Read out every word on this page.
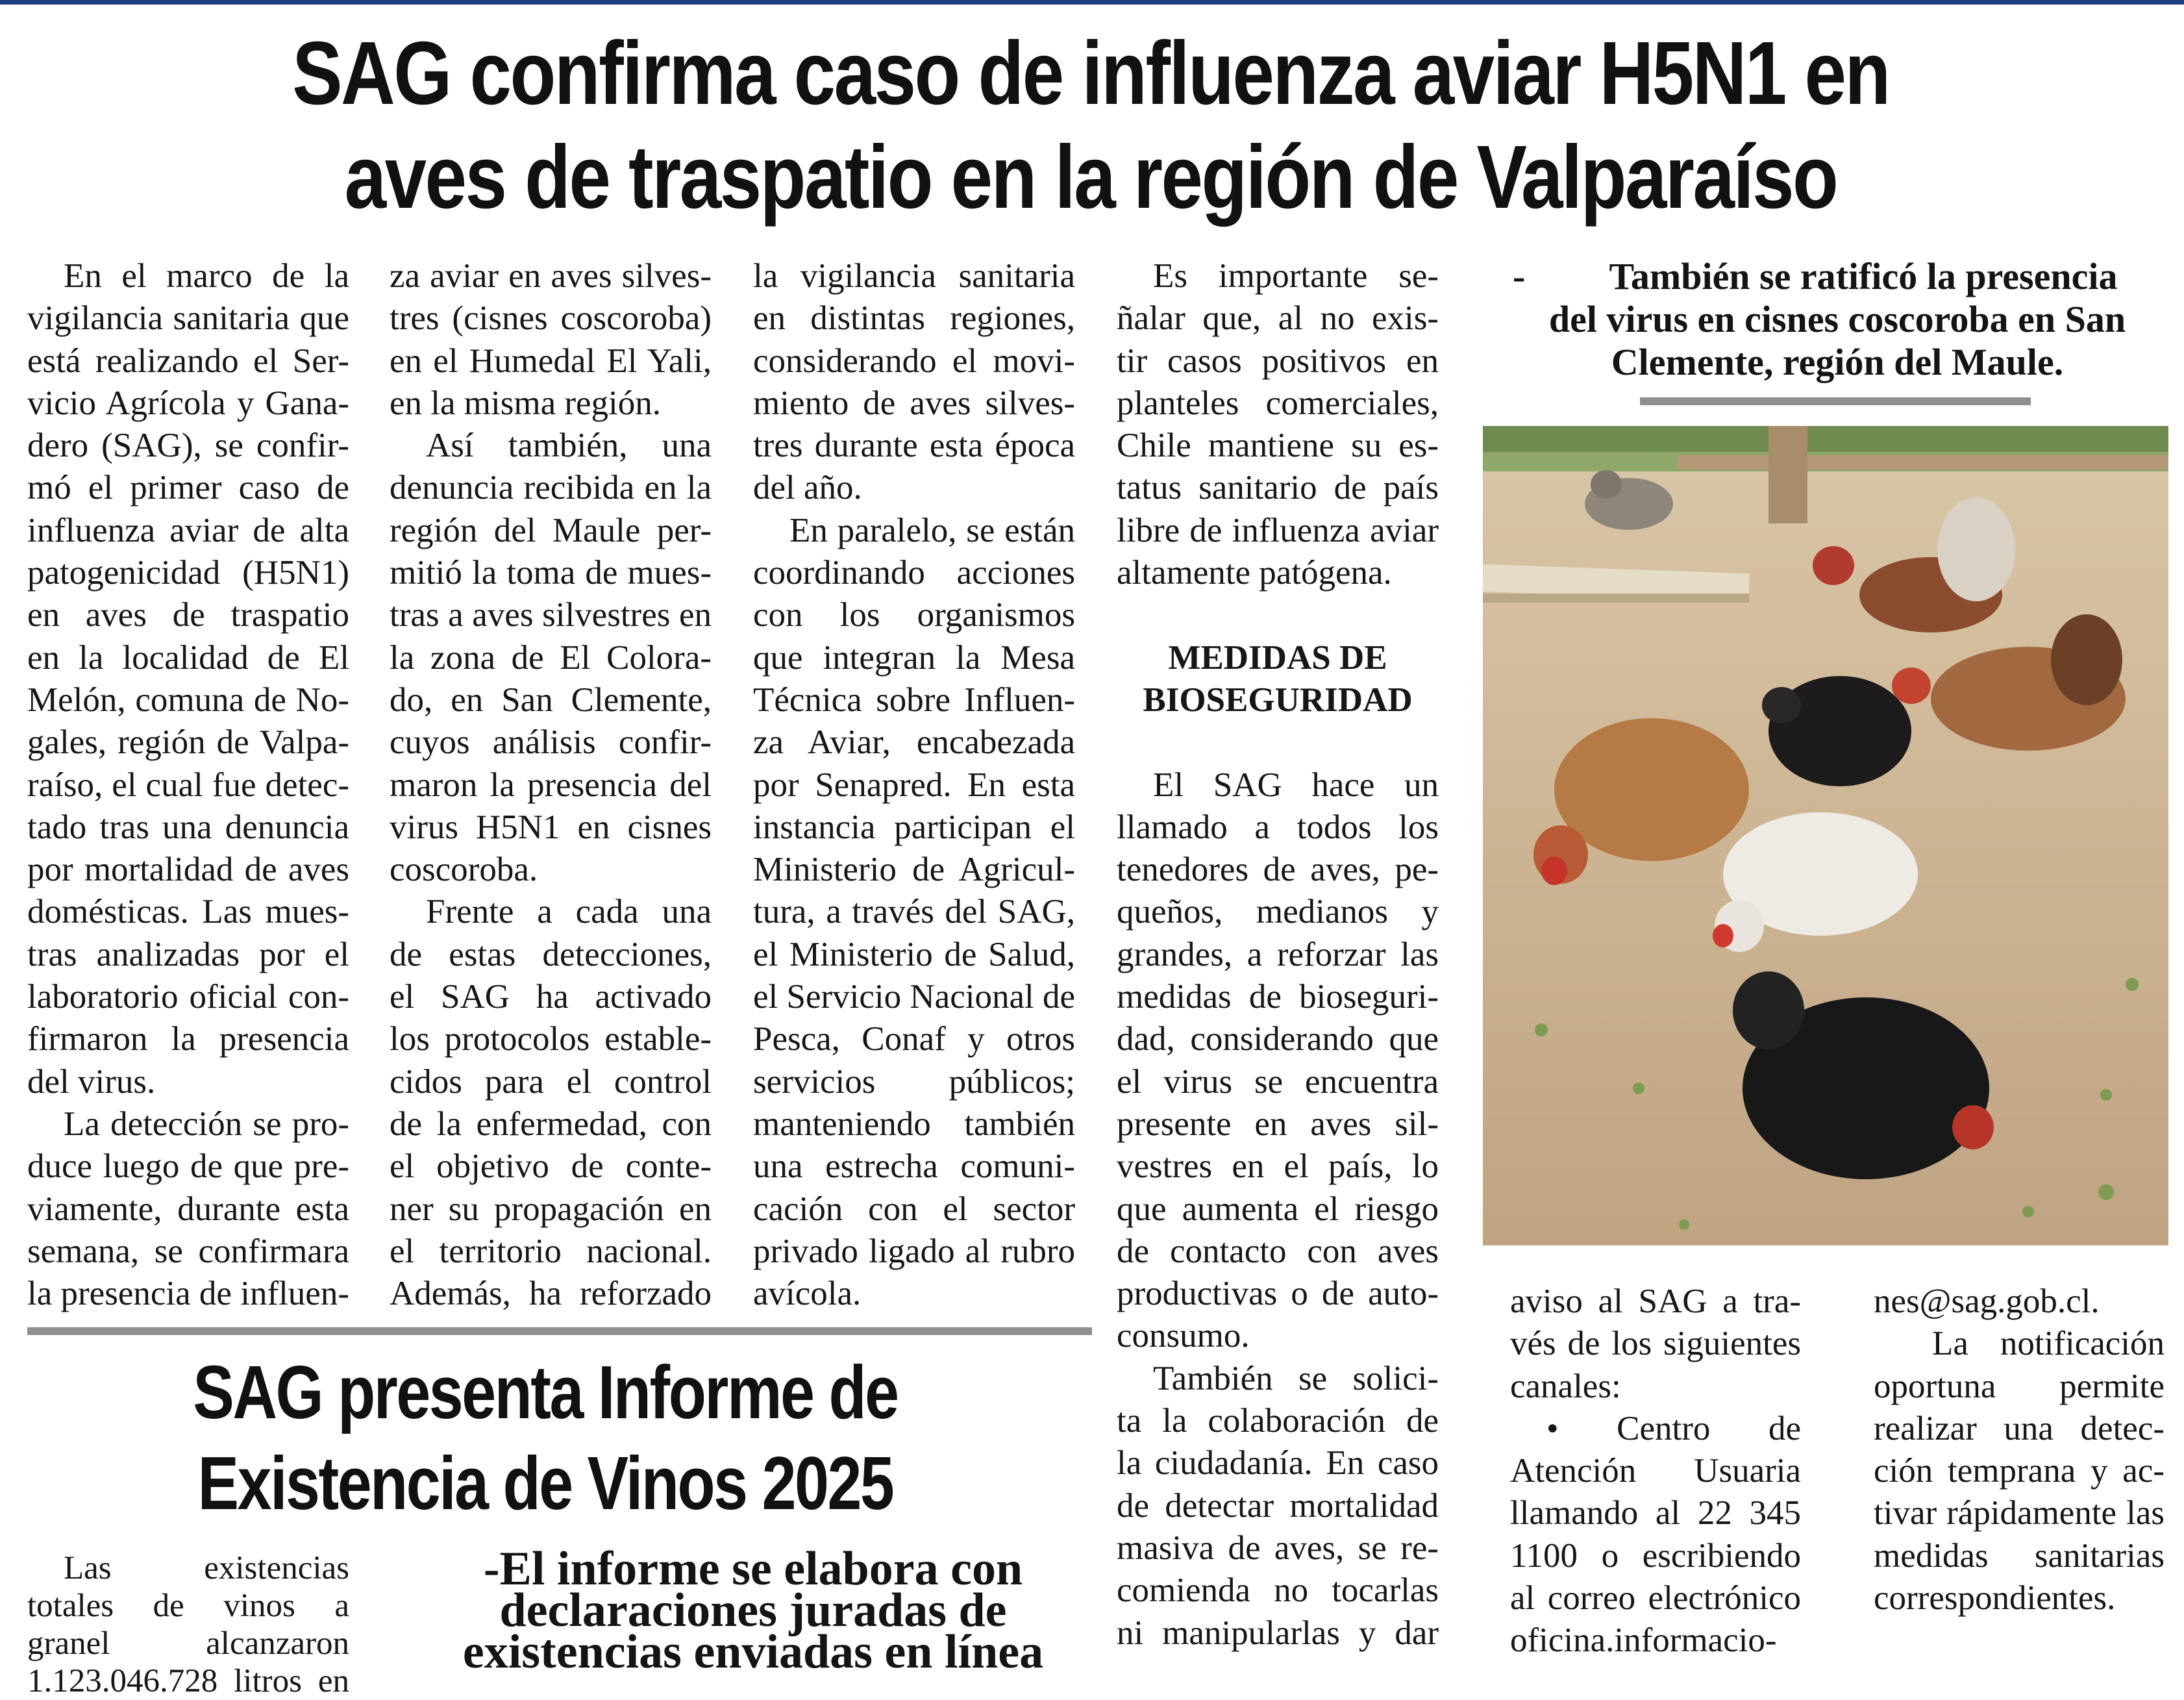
SAG confirma caso de influenza aviar H5N1 en
aves de traspatio en la región de Valparaíso
En el marco de la
vigilancia sanitaria que
está realizando el Ser-
vicio Agrícola y Gana-
dero (SAG), se confir-
mó el primer caso de
influenza aviar de alta
patogenicidad (H5N1)
en aves de traspatio
en la localidad de El
Melón, comuna de No-
gales, región de Valpa-
raíso, el cual fue detec-
tado tras una denuncia
por mortalidad de aves
domésticas. Las mues-
tras analizadas por el
laboratorio oficial con-
firmaron la presencia
del virus.
La detección se pro-
duce luego de que pre-
viamente, durante esta
semana, se confirmara
la presencia de influen-
za aviar en aves silves-
tres (cisnes coscoroba)
en el Humedal El Yali,
en la misma región.
Así también, una
denuncia recibida en la
región del Maule per-
mitió la toma de mues-
tras a aves silvestres en
la zona de El Colora-
do, en San Clemente,
cuyos análisis confir-
maron la presencia del
virus H5N1 en cisnes
coscoroba.
Frente a cada una
de estas detecciones,
el SAG ha activado
los protocolos estable-
cidos para el control
de la enfermedad, con
el objetivo de conte-
ner su propagación en
el territorio nacional.
Además, ha reforzado
la vigilancia sanitaria
en distintas regiones,
considerando el movi-
miento de aves silves-
tres durante esta época
del año.
En paralelo, se están
coordinando acciones
con los organismos
que integran la Mesa
Técnica sobre Influen-
za Aviar, encabezada
por Senapred. En esta
instancia participan el
Ministerio de Agricul-
tura, a través del SAG,
el Ministerio de Salud,
el Servicio Nacional de
Pesca, Conaf y otros
servicios públicos;
manteniendo también
una estrecha comuni-
cación con el sector
privado ligado al rubro
avícola.
Es importante se-
ñalar que, al no exis-
tir casos positivos en
planteles comerciales,
Chile mantiene su es-
tatus sanitario de país
libre de influenza aviar
altamente patógena.
MEDIDAS DE
BIOSEGURIDAD
El SAG hace un
llamado a todos los
tenedores de aves, pe-
queños, medianos y
grandes, a reforzar las
medidas de bioseguri-
dad, considerando que
el virus se encuentra
presente en aves sil-
vestres en el país, lo
que aumenta el riesgo
de contacto con aves
productivas o de auto-
consumo.
También se solici-
ta la colaboración de
la ciudadanía. En caso
de detectar mortalidad
masiva de aves, se re-
comienda no tocarlas
ni manipularlas y dar
-	También se ratificó la presencia
del virus en cisnes coscoroba en San
Clemente, región del Maule.
aviso al SAG a tra-
vés de los siguientes
canales:
• Centro de
Atención Usuaria
llamando al 22 345
1100 o escribiendo
al correo electrónico
oficina.informacio-
nes@sag.gob.cl.
La notificación
oportuna permite
realizar una detec-
ción temprana y ac-
tivar rápidamente las
medidas sanitarias
correspondientes.
SAG presenta Informe de
Existencia de Vinos 2025
Las existencias
totales de vinos a
granel alcanzaron
1.123.046.728 litros en
-El informe se elabora con
declaraciones juradas de
existencias enviadas en línea
